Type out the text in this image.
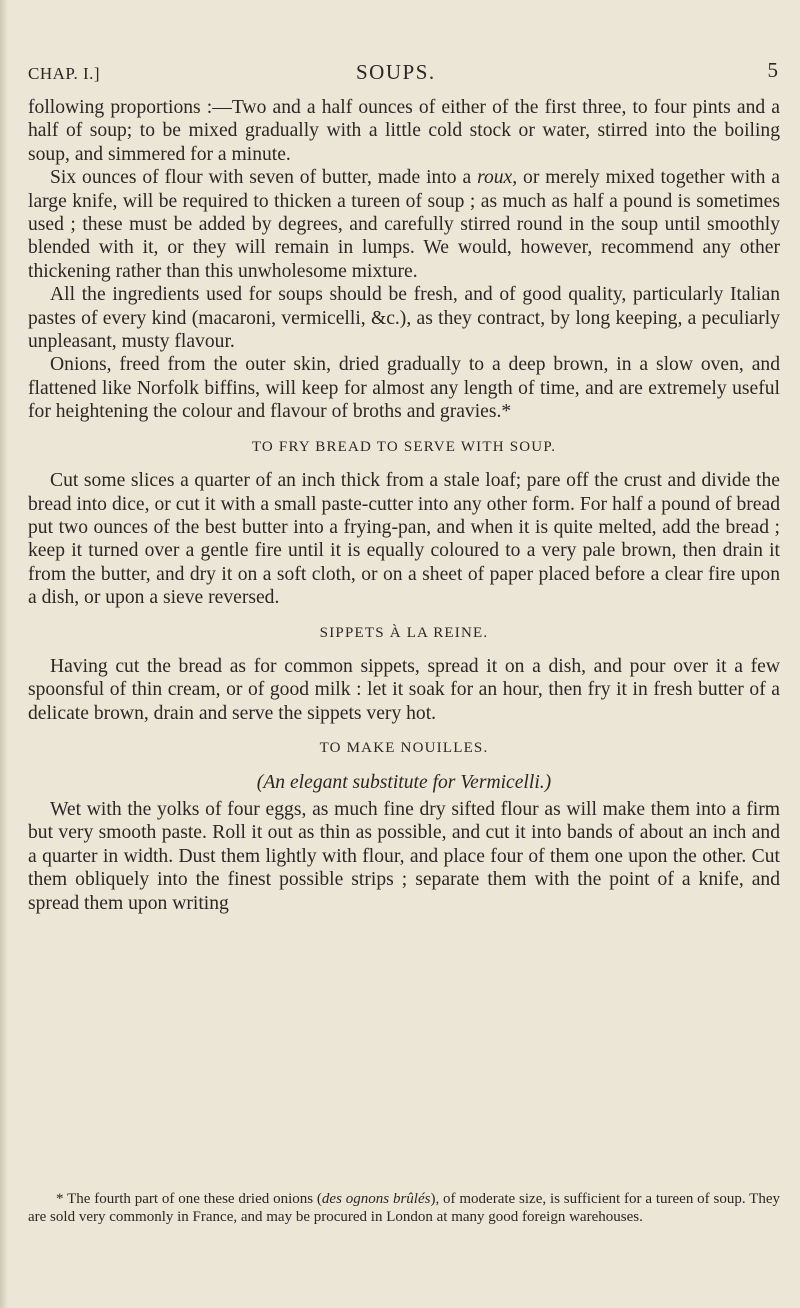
CHAP. I.]	SOUPS.	5

following proportions :—Two and a half ounces of either of the first three, to four pints and a half of soup; to be mixed gradually with a little cold stock or water, stirred into the boiling soup, and simmered for a minute.

Six ounces of flour with seven of butter, made into a roux, or merely mixed together with a large knife, will be required to thicken a tureen of soup ; as much as half a pound is sometimes used ; these must be added by degrees, and carefully stirred round in the soup until smoothly blended with it, or they will remain in lumps. We would, however, recommend any other thickening rather than this unwholesome mixture.

All the ingredients used for soups should be fresh, and of good quality, particularly Italian pastes of every kind (macaroni, vermicelli, &c.), as they contract, by long keeping, a peculiarly unpleasant, musty flavour.

Onions, freed from the outer skin, dried gradually to a deep brown, in a slow oven, and flattened like Norfolk biffins, will keep for almost any length of time, and are extremely useful for heightening the colour and flavour of broths and gravies.*

TO FRY BREAD TO SERVE WITH SOUP.

Cut some slices a quarter of an inch thick from a stale loaf; pare off the crust and divide the bread into dice, or cut it with a small paste-cutter into any other form. For half a pound of bread put two ounces of the best butter into a frying-pan, and when it is quite melted, add the bread ; keep it turned over a gentle fire until it is equally coloured to a very pale brown, then drain it from the butter, and dry it on a soft cloth, or on a sheet of paper placed before a clear fire upon a dish, or upon a sieve reversed.

SIPPETS À LA REINE.

Having cut the bread as for common sippets, spread it on a dish, and pour over it a few spoonsful of thin cream, or of good milk : let it soak for an hour, then fry it in fresh butter of a delicate brown, drain and serve the sippets very hot.

TO MAKE NOUILLES.
(An elegant substitute for Vermicelli.)

Wet with the yolks of four eggs, as much fine dry sifted flour as will make them into a firm but very smooth paste. Roll it out as thin as possible, and cut it into bands of about an inch and a quarter in width. Dust them lightly with flour, and place four of them one upon the other. Cut them obliquely into the finest possible strips ; separate them with the point of a knife, and spread them upon writing

* The fourth part of one these dried onions (des ognons brûlés), of moderate size, is sufficient for a tureen of soup. They are sold very commonly in France, and may be procured in London at many good foreign warehouses.
